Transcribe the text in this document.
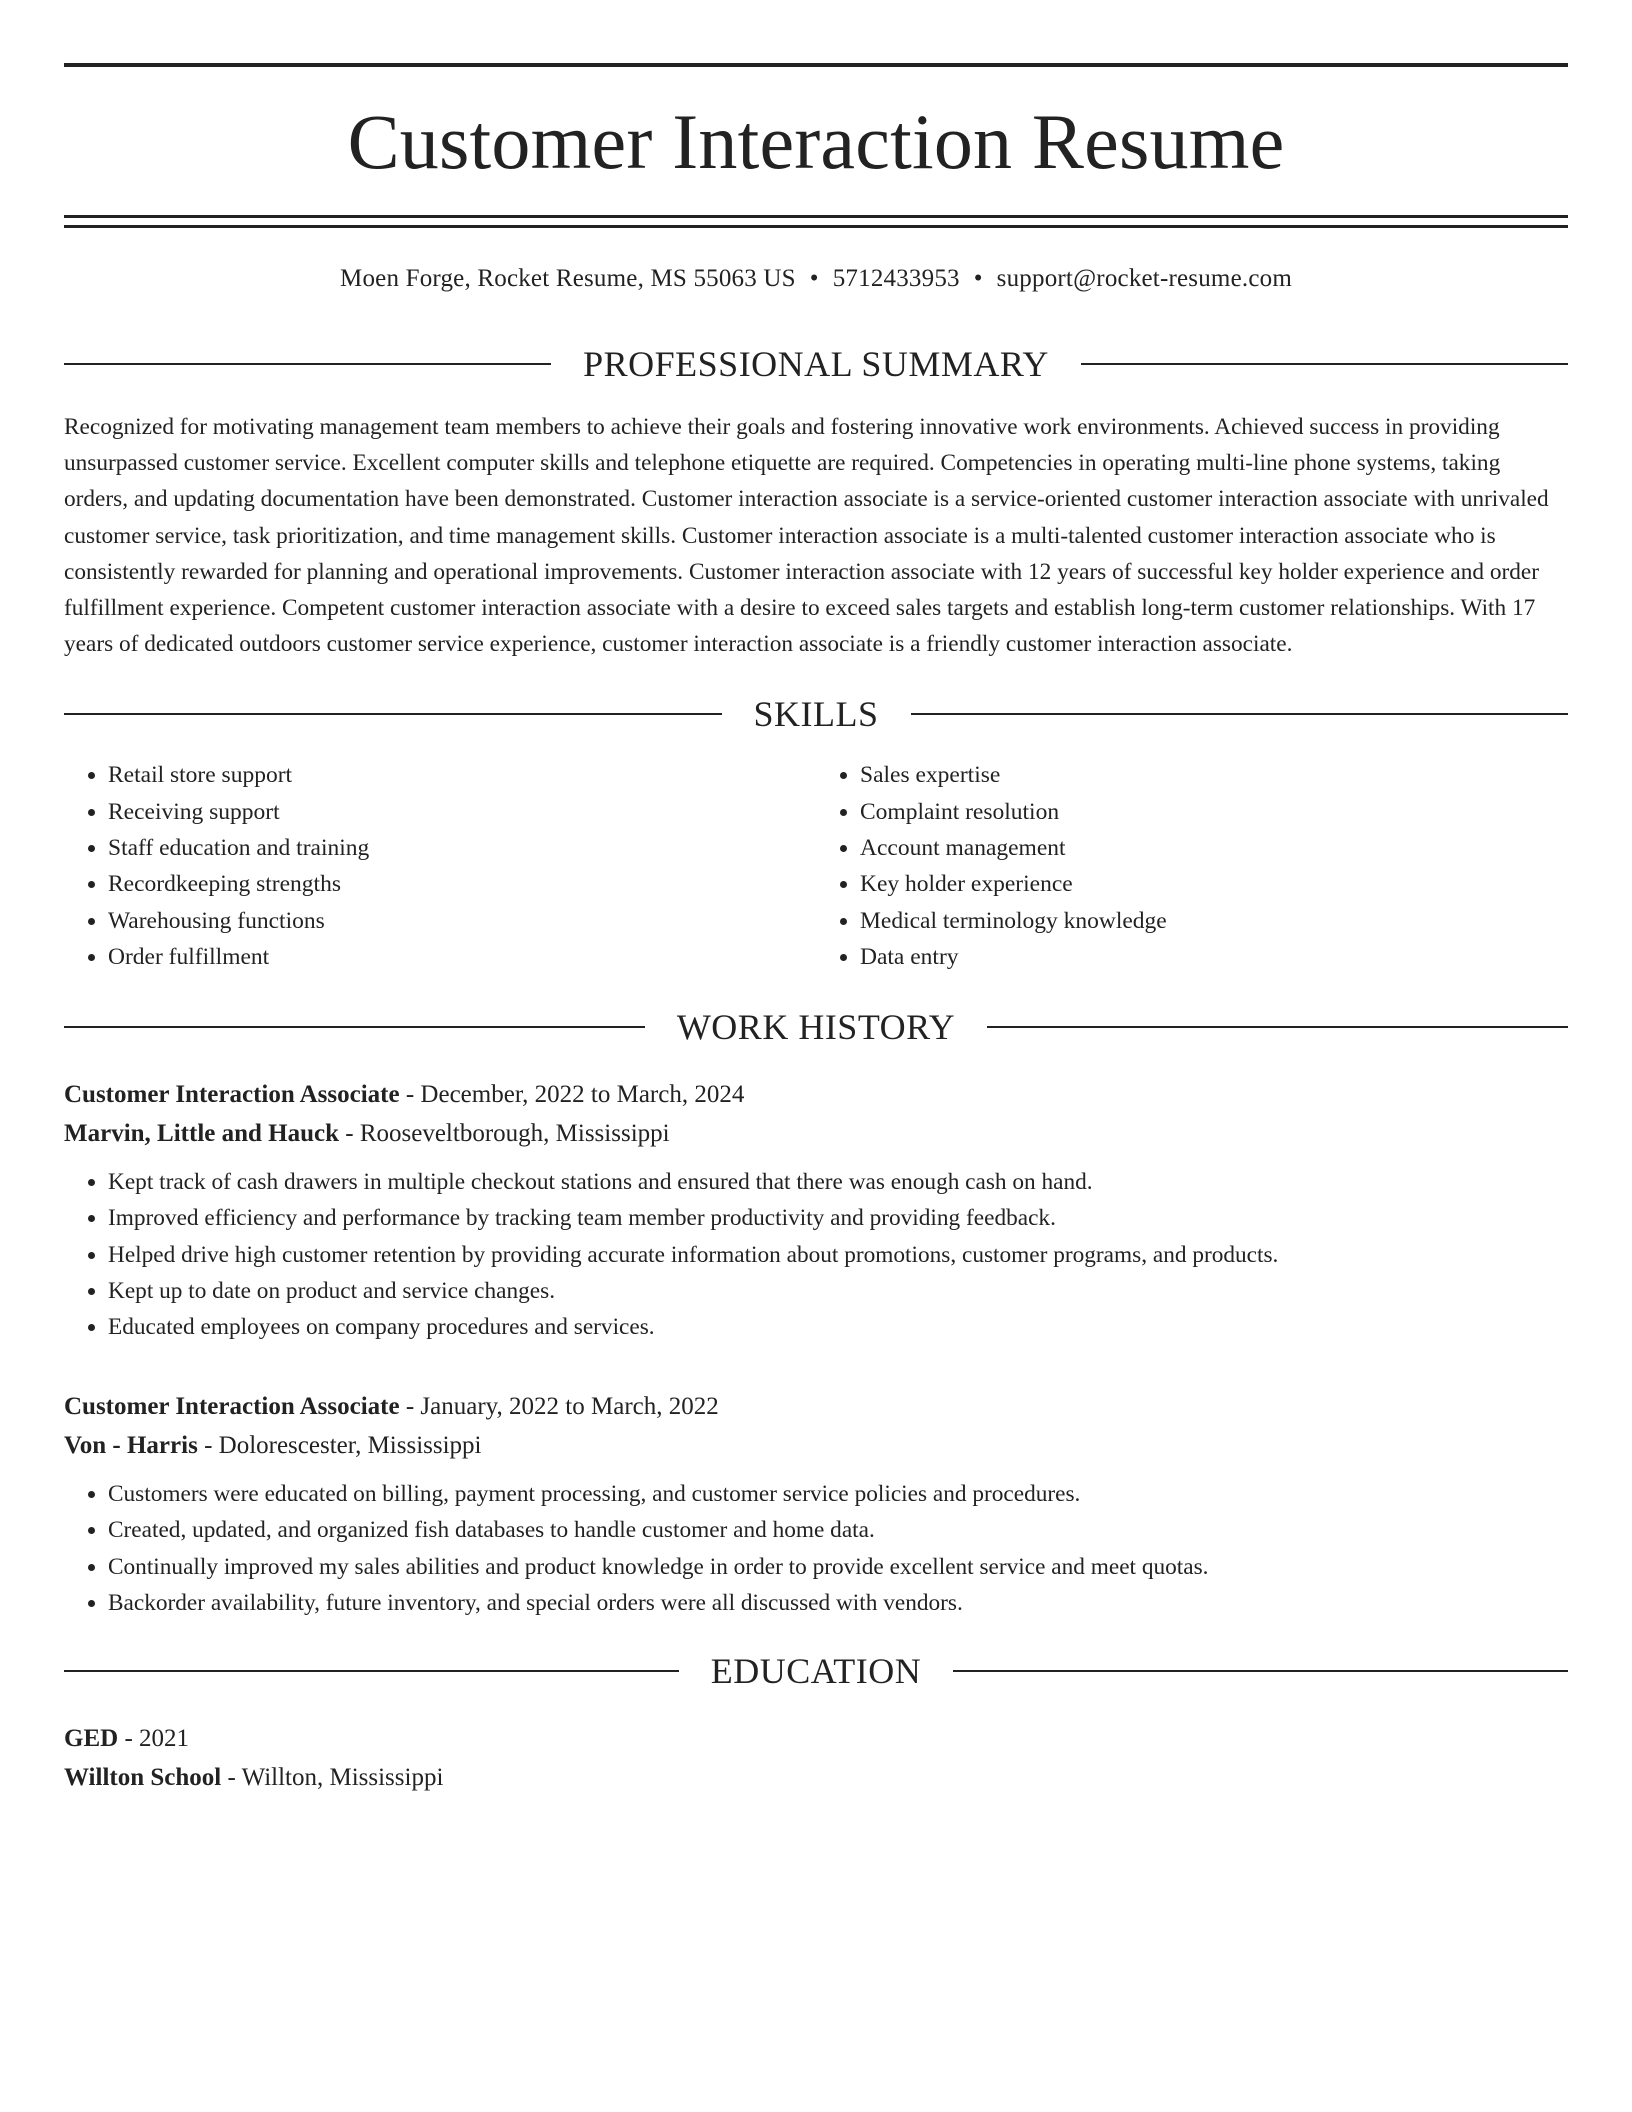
Customer Interaction Resume
Moen Forge, Rocket Resume, MS 55063 US • 5712433953 • support@rocket-resume.com
PROFESSIONAL SUMMARY

Recognized for motivating management team members to achieve their goals and fostering innovative work environments. Achieved success in providing unsurpassed customer service. Excellent computer skills and telephone etiquette are required. Competencies in operating multi-line phone systems, taking orders, and updating documentation have been demonstrated. Customer interaction associate is a service-oriented customer interaction associate with unrivaled customer service, task prioritization, and time management skills. Customer interaction associate is a multi-talented customer interaction associate who is consistently rewarded for planning and operational improvements. Customer interaction associate with 12 years of successful key holder experience and order fulfillment experience. Competent customer interaction associate with a desire to exceed sales targets and establish long-term customer relationships. With 17 years of dedicated outdoors customer service experience, customer interaction associate is a friendly customer interaction associate.

SKILLS
• Retail store support
• Receiving support
• Staff education and training
• Recordkeeping strengths
• Warehousing functions
• Order fulfillment
• Sales expertise
• Complaint resolution
• Account management
• Key holder experience
• Medical terminology knowledge
• Data entry
WORK HISTORY
Customer Interaction Associate - December, 2022 to March, 2024
Marvin, Little and Hauck - Rooseveltborough, Mississippi
• Kept track of cash drawers in multiple checkout stations and ensured that there was enough cash on hand.
• Improved efficiency and performance by tracking team member productivity and providing feedback.
• Helped drive high customer retention by providing accurate information about promotions, customer programs, and products.
• Kept up to date on product and service changes.
• Educated employees on company procedures and services.
Customer Interaction Associate - January, 2022 to March, 2022
Von - Harris - Dolorescester, Mississippi
• Customers were educated on billing, payment processing, and customer service policies and procedures.
• Created, updated, and organized fish databases to handle customer and home data.
• Continually improved my sales abilities and product knowledge in order to provide excellent service and meet quotas.
• Backorder availability, future inventory, and special orders were all discussed with vendors.
EDUCATION
GED - 2021
Willton School - Willton, Mississippi
